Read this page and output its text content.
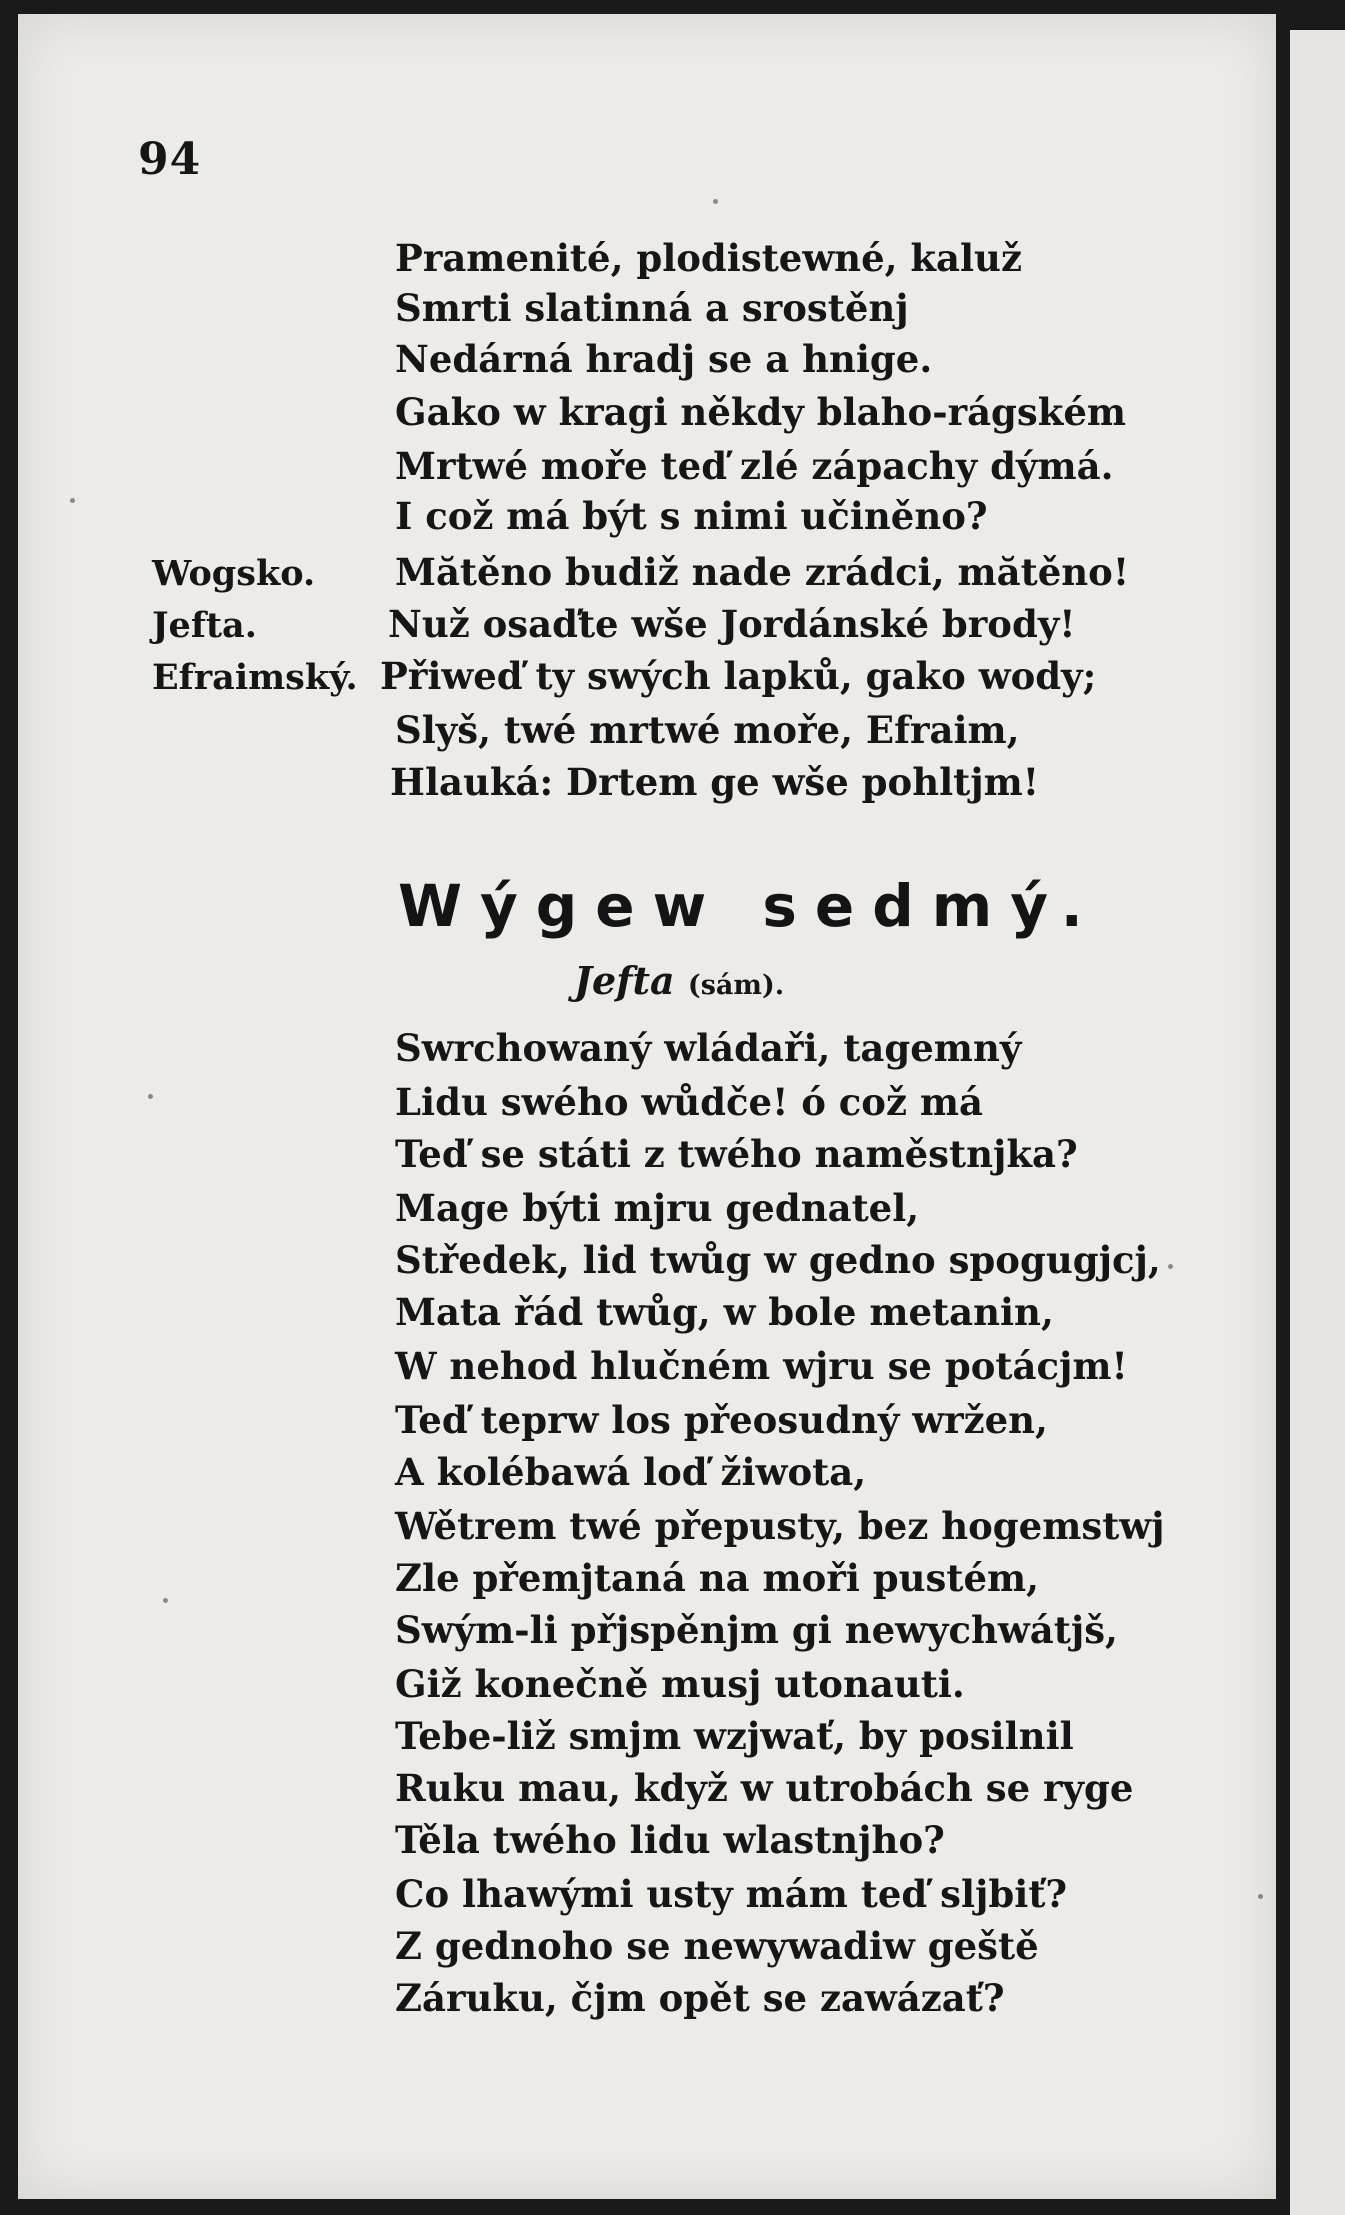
94
Pramenité, plodistewné, kaluž
Smrti slatinná a srostěnj
Nedárná hradj se a hnige.
Gako w kragi někdy blaho-rágském
Mrtwé moře teď zlé zápachy dýmá.
I což má být s nimi učiněno?
Wogsko. Mătěno budiž nade zrádci, mătěno!
Jefta.	Nuž osaďte wše Jordánské brody!
Efraimský. Přiweď ty swých lapků, gako wody;
Slyš, twé mrtwé moře, Efraim,
Hlauká: Drtem ge wše pohltjm!
Wýgew sedmý.
Jefta (sám).
Swrchowaný wládaři, tagemný
Lidu swého wůdče! ó což má
Teď se státi z twého naměstnjka?
Mage býti mjru gednatel,
Středek, lid twůg w gedno spogugjcj,
Mata řád twůg, w bole metanin,
W nehod hlučném wjru se potácjm!
Teď teprw los přeosudný wržen,
A kolébawá loď žiwota,
Wětrem twé přepusty, bez hogemstwj
Zle přemjtaná na moři pustém,
Swým-li přjspěnjm gi newychwátjš,
Giž konečně musj utonauti.
Tebe-liž smjm wzjwať, by posilnil
Ruku mau, když w utrobách se ryge
Těla twého lidu wlastnjho?
Co lhawými usty mám teď sljbiť?
Z gednoho se newywadiw geště
Záruku, čjm opět se zawázať?
